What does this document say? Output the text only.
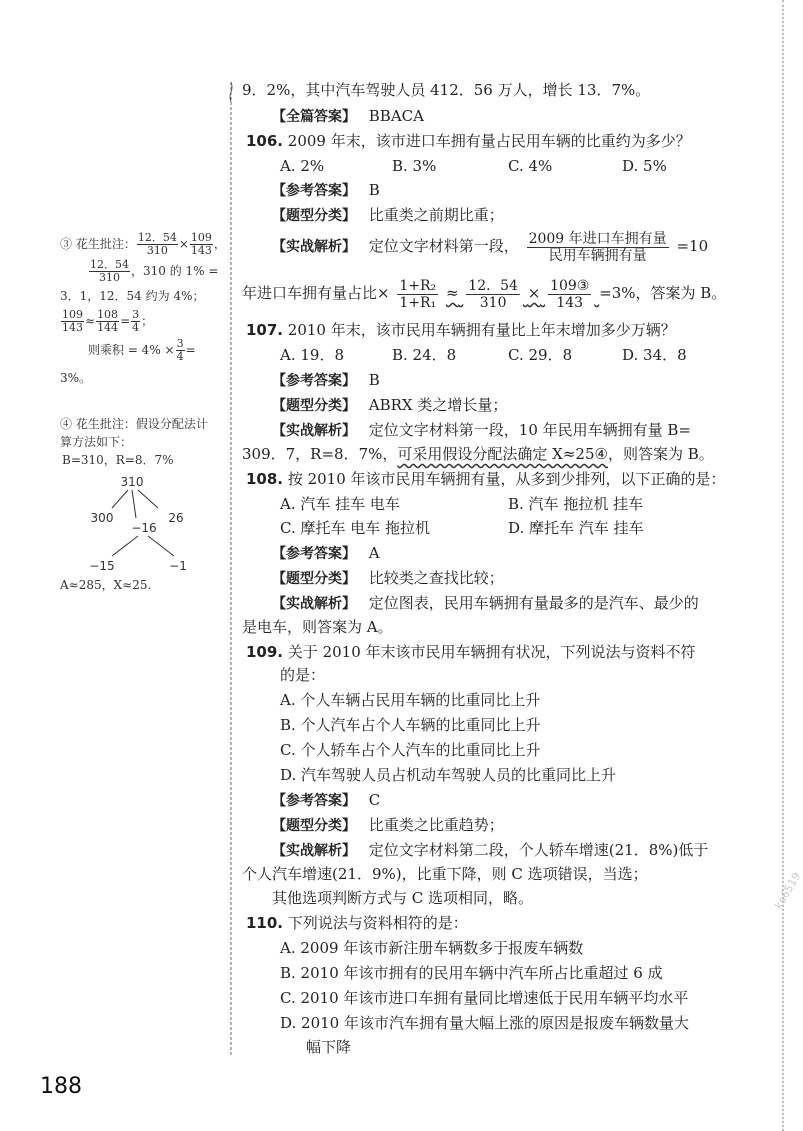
9．2%，其中汽车驾驶人员 412．56 万人，增长 13．7%。
【全篇答案】 BBACA
106. 2009 年末，该市进口车拥有量占民用车辆的比重约为多少？
A. 2%	B. 3%	C. 4%	D. 5%
【参考答案】 B
【题型分类】 比重类之前期比重；
【实战解析】 定位文字材料第一段， 2009 年进口车拥有量
民用车辆拥有量
=10
年进口车拥有量占比× $\frac{\text{1+R₂}}{\text{1+R₁}} \approx \frac{12.54}{310} \times \frac{\text{109③}}{143} =3\%$，答案为 B。
107. 2010 年末，该市民用车辆拥有量比上年末增加多少万辆？
A. 19．8	B. 24．8	C. 29．8	D. 34．8
【参考答案】 B
【题型分类】 ABRX 类之增长量；
【实战解析】 定位文字材料第一段，10 年民用车辆拥有量 B=
309．7，R=8．7%，可采用假设分配法确定 X≈25④，则答案为 B。
108. 按 2010 年该市民用车辆拥有量，从多到少排列，以下正确的是：
A. 汽车 挂车 电车	B. 汽车 拖拉机 挂车
C. 摩托车 电车 拖拉机	D. 摩托车 汽车 挂车
【参考答案】 A
【题型分类】 比较类之查找比较；
【实战解析】 定位图表，民用车辆拥有量最多的是汽车、最少的
是电车，则答案为 A。
109. 关于 2010 年末该市民用车辆拥有状况，下列说法与资料不符
的是：
A. 个人车辆占民用车辆的比重同比上升
B. 个人汽车占个人车辆的比重同比上升
C. 个人轿车占个人汽车的比重同比上升
D. 汽车驾驶人员占机动车驾驶人员的比重同比上升
【参考答案】 C
【题型分类】 比重类之比重趋势；
【实战解析】 定位文字材料第二段，个人轿车增速(21．8%)低于
个人汽车增速(21．9%)，比重下降，则 C 选项错误，当选；
其他选项判断方式与 C 选项相同，略。
110. 下列说法与资料相符的是：
A. 2009 年该市新注册车辆数多于报废车辆数
B. 2010 年该市拥有的民用车辆中汽车所占比重超过 6 成
C. 2010 年该市进口车拥有量同比增速低于民用车辆平均水平
D. 2010 年该市汽车拥有量大幅上涨的原因是报废车辆数量大
幅下降
③ 花生批注： $\frac{12.54}{310} \times \frac{109}{143}$ ，
$\frac{12.54}{310}$ ，310 的 1% =
3．1，12．54 约为 4%；
$\frac{109}{143} \approx \frac{108}{144} = \frac{3}{4}$ ；
则乘积 = $4\% \times \frac{3}{4}$ =
3%。
④ 花生批注：假设分配法计
算方法如下：
B=310，R=8．7%
310
300
−16
26
−15	−1
A≈285，X≈25.
188
ks6519
